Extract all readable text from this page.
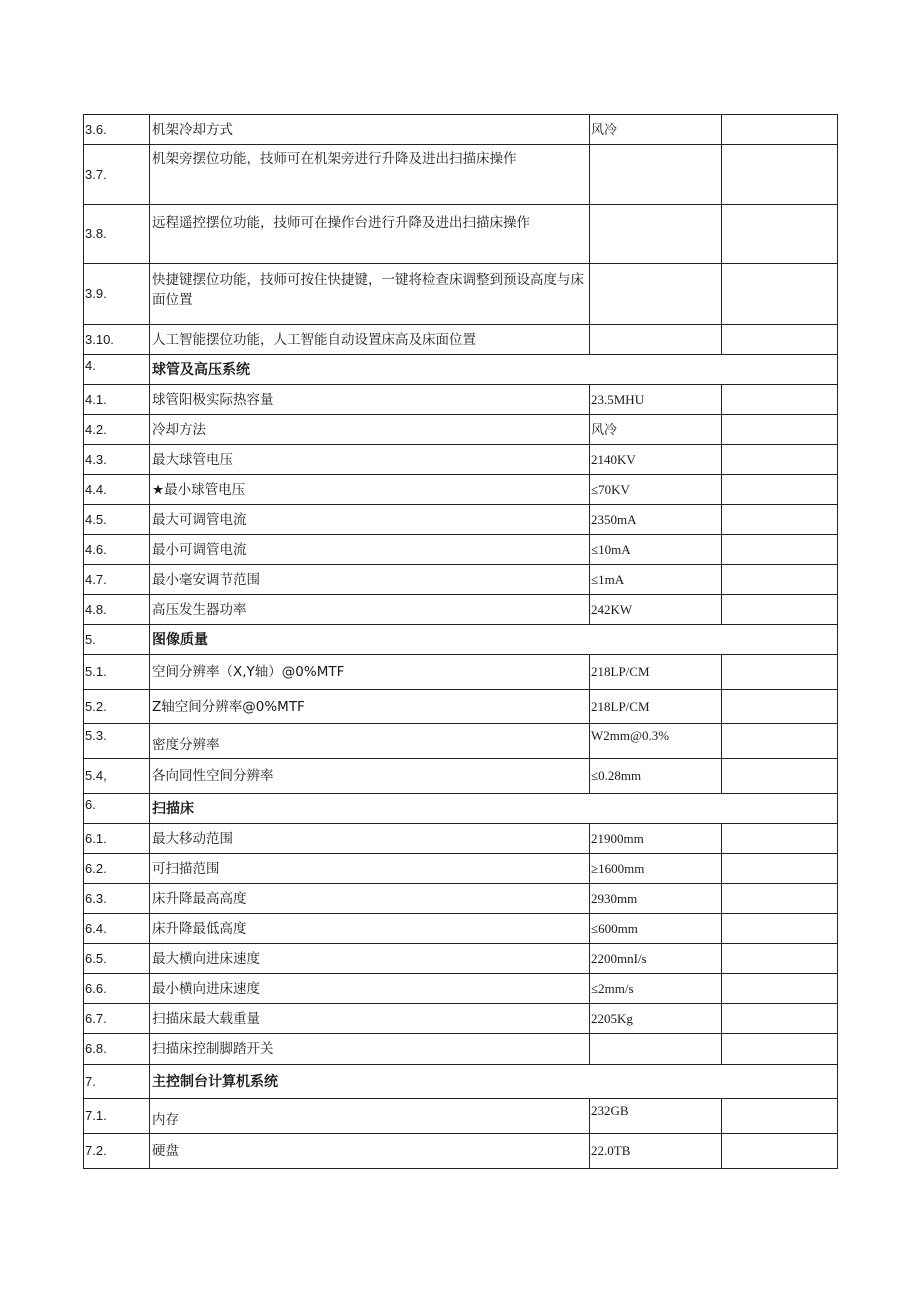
3.6.	机架冷却方式	风冷	
3.7.	机架旁摆位功能，技师可在机架旁进行升降及进出扫描床操作		
3.8.	远程遥控摆位功能，技师可在操作台进行升降及进出扫描床操作		
3.9.	快捷键摆位功能，技师可按住快捷键，一键将检查床调整到预设高度与床面位置		
3.10.	人工智能摆位功能，人工智能自动设置床高及床面位置		
4.	球管及高压系统		
4.1.	球管阳极实际热容量	23.5MHU	
4.2.	冷却方法	风冷	
4.3.	最大球管电压	2140KV	
4.4.	★最小球管电压	≤70KV	
4.5.	最大可调管电流	2350mA	
4.6.	最小可调管电流	≤10mA	
4.7.	最小毫安调节范围	≤1mA	
4.8.	高压发生器功率	242KW	
5.	图像质量		
5.1.	空间分辨率（X,Y轴）@0%MTF	218LP/CM	
5.2.	Z轴空间分辨率@0%MTF	218LP/CM	
5.3.	密度分辨率	W2mm@0.3%	
5.4,	各向同性空间分辨率	≤0.28mm	
6.	扫描床		
6.1.	最大移动范围	21900mm	
6.2.	可扫描范围	≥1600mm	
6.3.	床升降最高高度	2930mm	
6.4.	床升降最低高度	≤600mm	
6.5.	最大横向进床速度	2200mnI/s	
6.6.	最小横向进床速度	≤2mm/s	
6.7.	扫描床最大载重量	2205Kg	
6.8.	扫描床控制脚踏开关		
7.	主控制台计算机系统		
7.1.	内存	232GB	
7.2.	硬盘	22.0TB	
